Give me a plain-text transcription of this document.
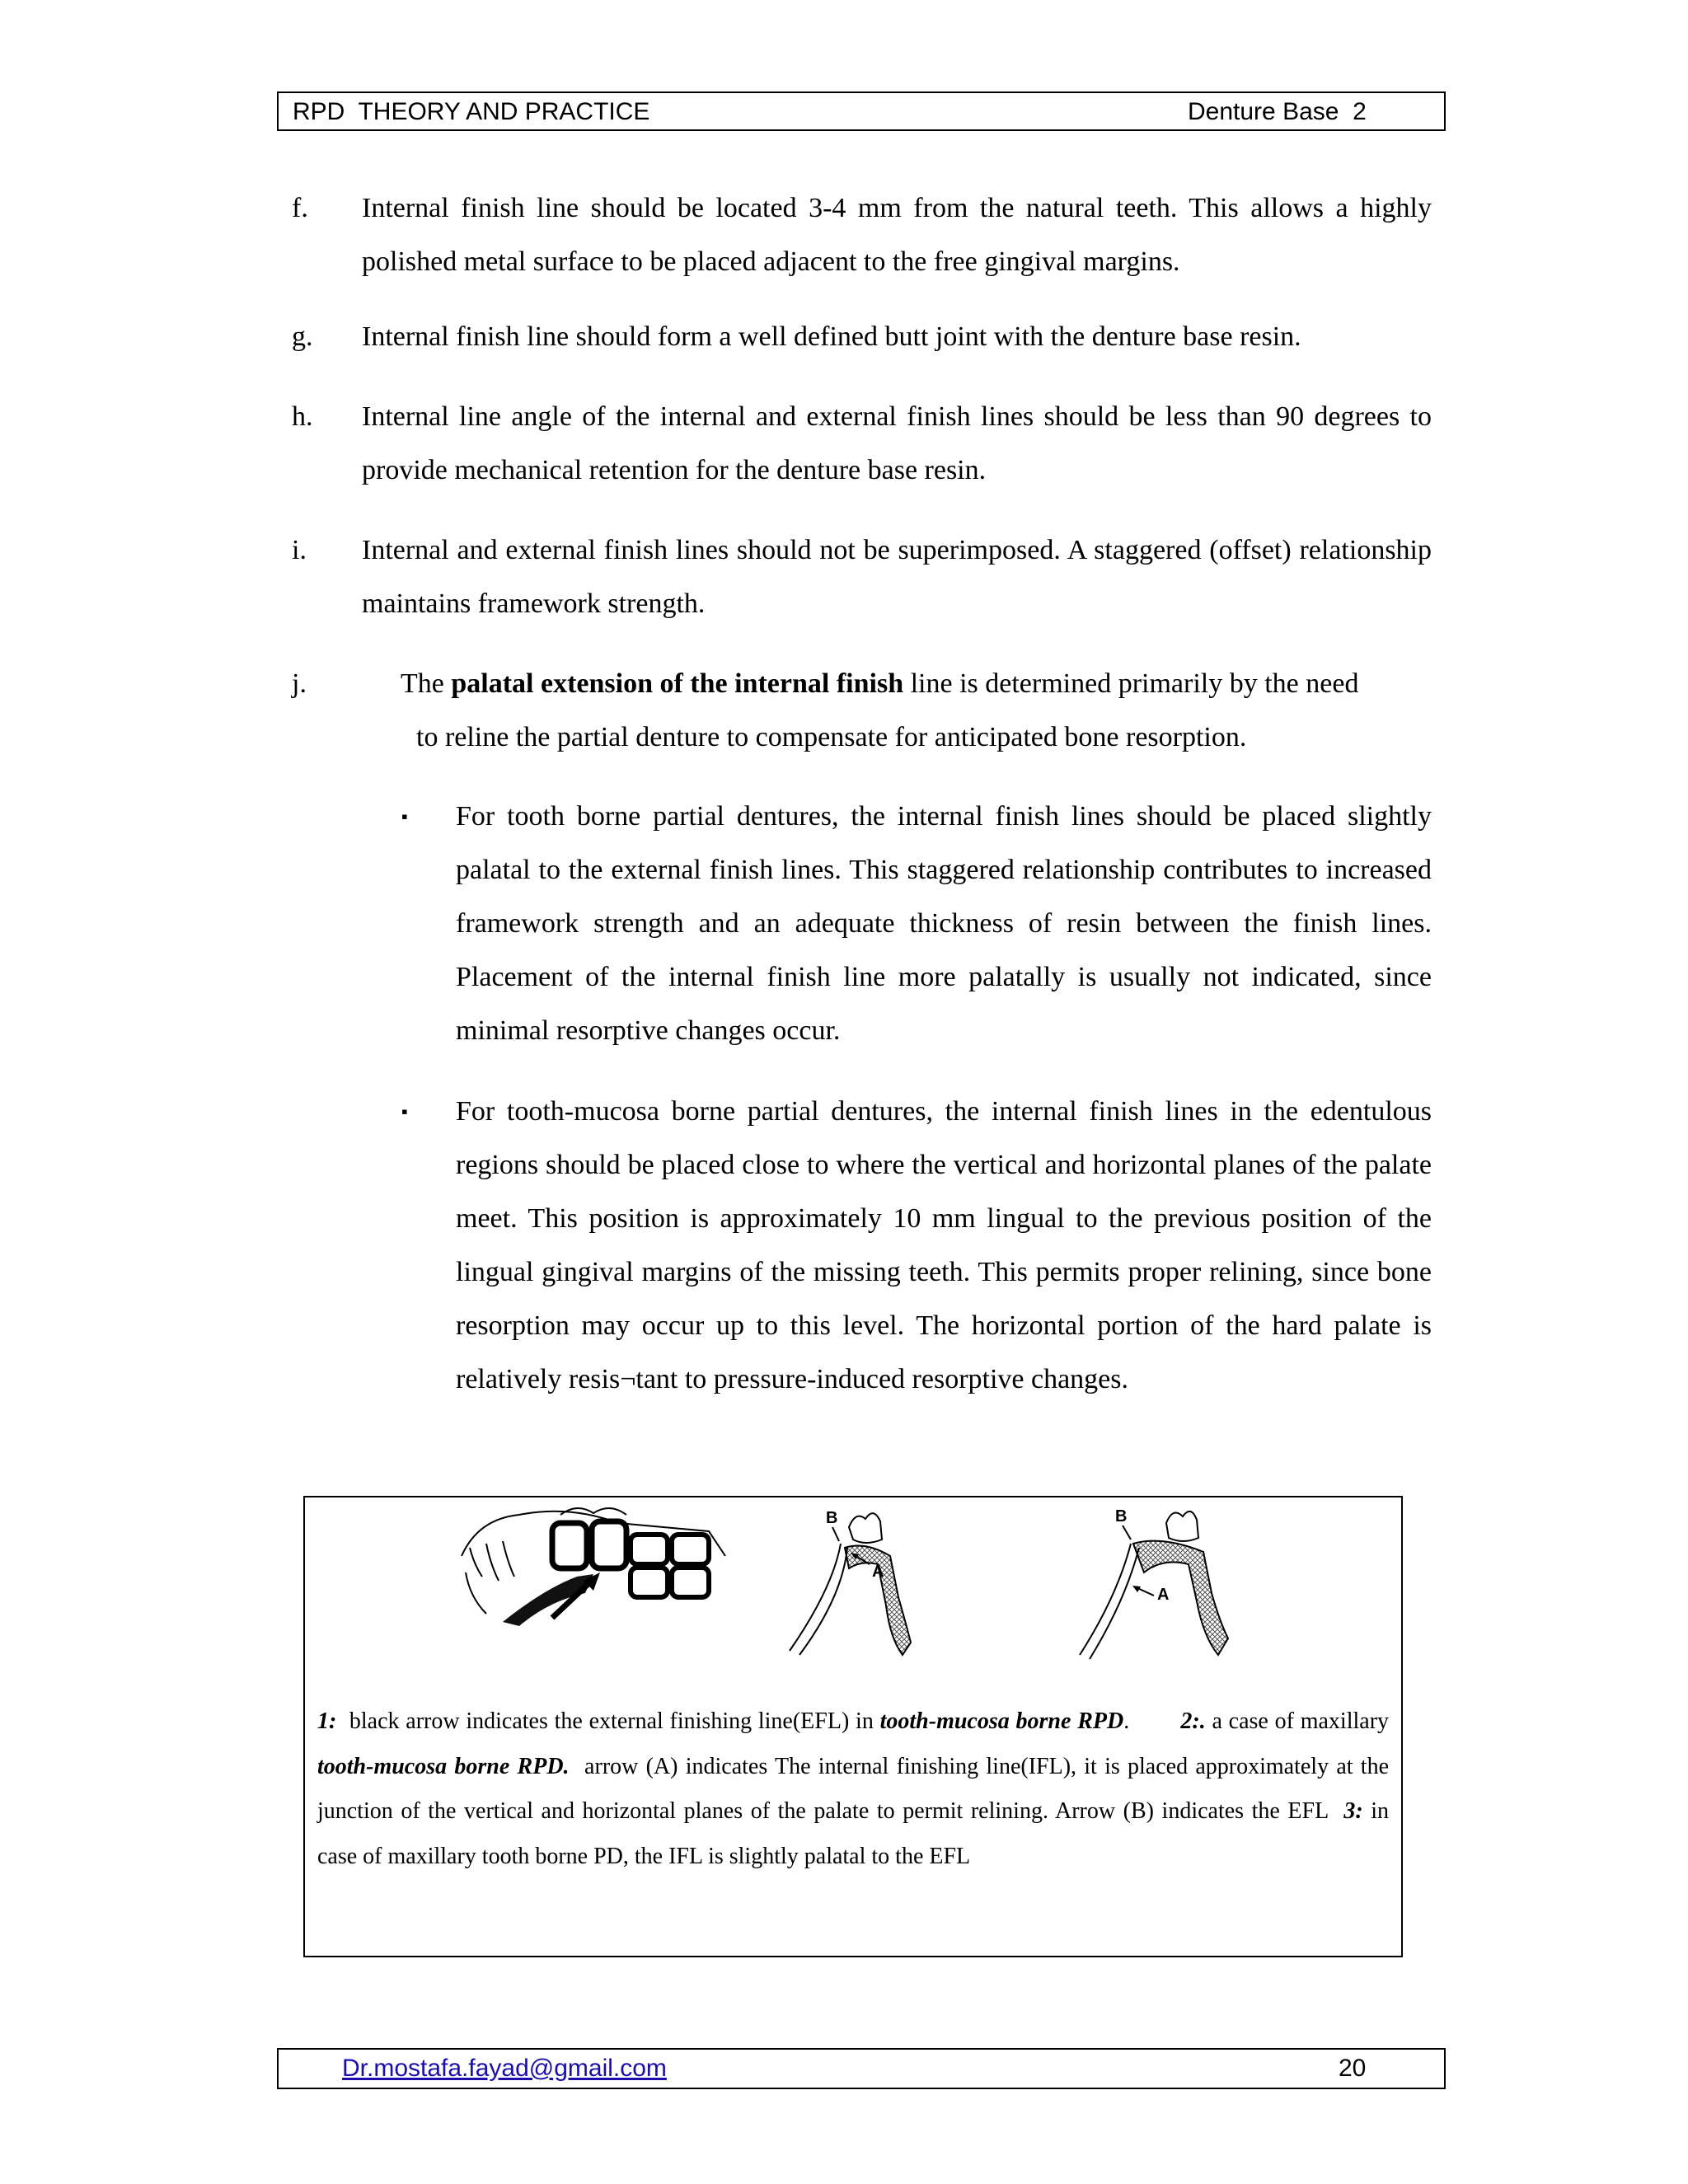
RPD  THEORY AND PRACTICE	Denture Base  2
f. Internal finish line should be located 3-4 mm from the natural teeth. This allows a highly polished metal surface to be placed adjacent to the free gingival margins.
g. Internal finish line should form a well defined butt joint with the denture base resin.
h. Internal line angle of the internal and external finish lines should be less than 90 degrees to provide mechanical retention for the denture base resin.
i. Internal and external finish lines should not be superimposed. A staggered (offset) relationship maintains framework strength.
j.	The palatal extension of the internal finish line is determined primarily by the need
to reline the partial denture to compensate for anticipated bone resorption.
▪ For tooth borne partial dentures, the internal finish lines should be placed slightly palatal to the external finish lines. This staggered relationship contributes to increased framework strength and an adequate thickness of resin between the finish lines. Placement of the internal finish line more palatally is usually not indicated, since minimal resorptive changes occur.
▪ For tooth-mucosa borne partial dentures, the internal finish lines in the edentulous regions should be placed close to where the vertical and horizontal planes of the palate meet. This position is approximately 10 mm lingual to the previous position of the lingual gingival margins of the missing teeth. This permits proper relining, since bone resorption may occur up to this level. The horizontal portion of the hard palate is relatively resis¬tant to pressure-induced resorptive changes.
B
A
B
A
1:  black arrow indicates the external finishing line(EFL) in tooth-mucosa borne RPD.        2:. a case of maxillary tooth-mucosa borne RPD.  arrow (A) indicates The internal finishing line(IFL), it is placed approximately at the junction of the vertical and horizontal planes of the palate to permit relining. Arrow (B) indicates the EFL  3: in case of maxillary tooth borne PD, the IFL is slightly palatal to the EFL
Dr.mostafa.fayad@gmail.com	20
